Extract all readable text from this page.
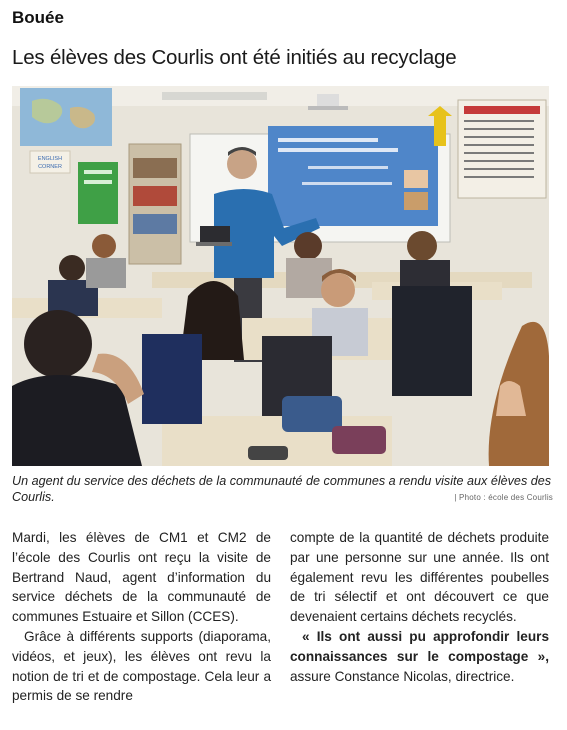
Bouée
Les élèves des Courlis ont été initiés au recyclage
ENGLISH
CORNER
Un agent du service des déchets de la communauté de communes a rendu visite aux élèves des Courlis.	| Photo : école des Courlis

Mardi, les élèves de CM1 et CM2 de l’école des Courlis ont reçu la visite de Bertrand Naud, agent d’information du service déchets de la communauté de communes Estuaire et Sillon (CCES).

Grâce à différents supports (diaporama, vidéos, et jeux), les élèves ont revu la notion de tri et de compostage. Cela leur a permis de se rendre

compte de la quantité de déchets produite par une personne sur une année. Ils ont également revu les différentes poubelles de tri sélectif et ont découvert ce que devenaient certains déchets recyclés.

« Ils ont aussi pu approfondir leurs connaissances sur le compostage », assure Constance Nicolas, directrice.
